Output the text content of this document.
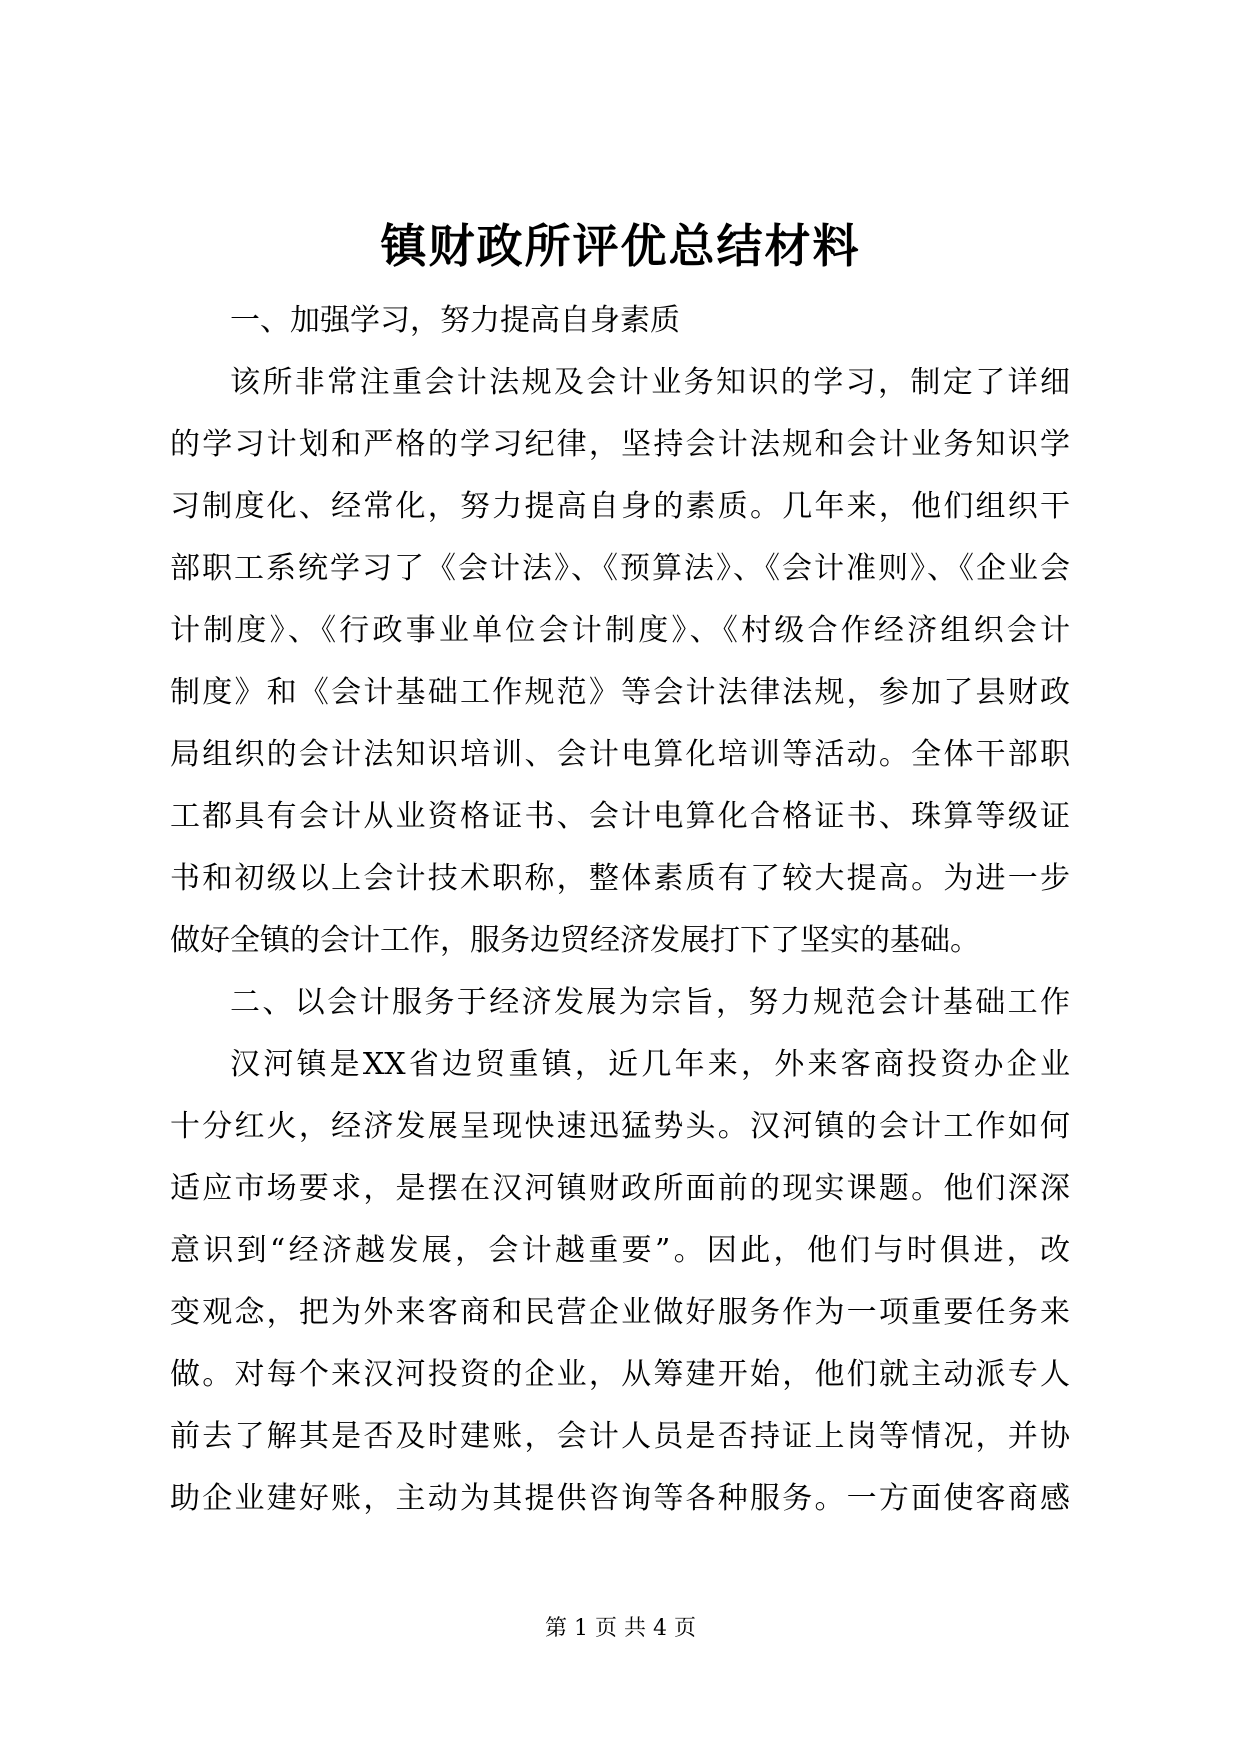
镇财政所评优总结材料
一、加强学习，努力提高自身素质
该所非常注重会计法规及会计业务知识的学习，制定了详细
的学习计划和严格的学习纪律，坚持会计法规和会计业务知识学
习制度化、经常化，努力提高自身的素质。几年来，他们组织干
部职工系统学习了《会计法》、《预算法》、《会计准则》、《企业会
计制度》、《行政事业单位会计制度》、《村级合作经济组织会计
制度》和《会计基础工作规范》等会计法律法规，参加了县财政
局组织的会计法知识培训、会计电算化培训等活动。全体干部职
工都具有会计从业资格证书、会计电算化合格证书、珠算等级证
书和初级以上会计技术职称，整体素质有了较大提高。为进一步
做好全镇的会计工作，服务边贸经济发展打下了坚实的基础。
二、以会计服务于经济发展为宗旨，努力规范会计基础工作
汉河镇是XX省边贸重镇，近几年来，外来客商投资办企业
十分红火，经济发展呈现快速迅猛势头。汉河镇的会计工作如何
适应市场要求，是摆在汉河镇财政所面前的现实课题。他们深深
意识到“经济越发展，会计越重要”。因此，他们与时俱进，改
变观念，把为外来客商和民营企业做好服务作为一项重要任务来
做。对每个来汉河投资的企业，从筹建开始，他们就主动派专人
前去了解其是否及时建账，会计人员是否持证上岗等情况，并协
助企业建好账，主动为其提供咨询等各种服务。一方面使客商感
第 1 页 共 4 页
